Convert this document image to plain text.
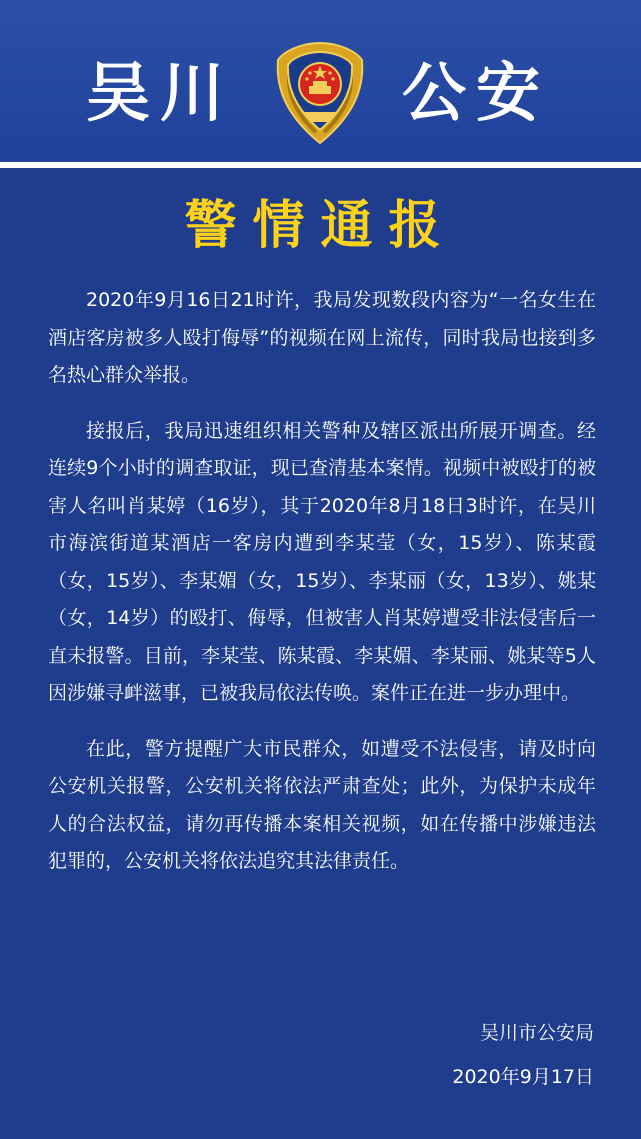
吴川	公安
警情通报

2020年9月16日21时许，我局发现数段内容为“一名女生在酒店客房被多人殴打侮辱”的视频在网上流传，同时我局也接到多名热心群众举报。

接报后，我局迅速组织相关警种及辖区派出所展开调查。经连续9个小时的调查取证，现已查清基本案情。视频中被殴打的被害人名叫肖某婷（16岁），其于2020年8月18日3时许，在吴川市海滨街道某酒店一客房内遭到李某莹（女，15岁）、陈某霞（女，15岁）、李某媚（女，15岁）、李某丽（女，13岁）、姚某（女，14岁）的殴打、侮辱，但被害人肖某婷遭受非法侵害后一直未报警。目前，李某莹、陈某霞、李某媚、李某丽、姚某等5人因涉嫌寻衅滋事，已被我局依法传唤。案件正在进一步办理中。

在此，警方提醒广大市民群众，如遭受不法侵害，请及时向公安机关报警，公安机关将依法严肃查处；此外，为保护未成年人的合法权益，请勿再传播本案相关视频，如在传播中涉嫌违法犯罪的，公安机关将依法追究其法律责任。

吴川市公安局
2020年9月17日
